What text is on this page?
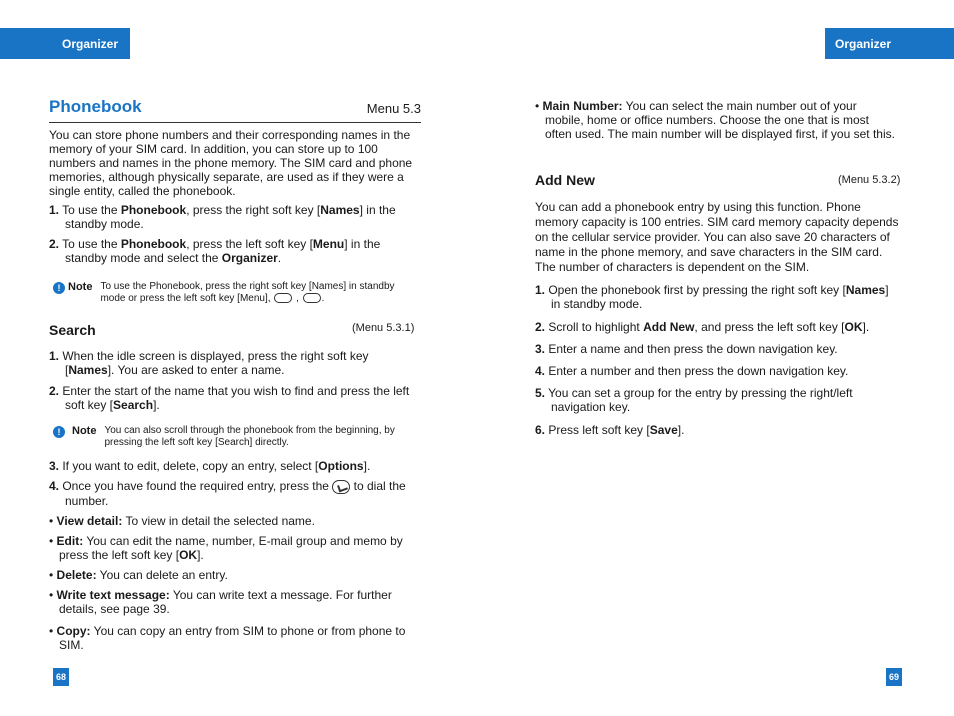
Organizer	Organizer
Phonebook	Menu 5.3

You can store phone numbers and their corresponding names in the memory of your SIM card. In addition, you can store up to 100 numbers and names in the phone memory. The SIM card and phone memories, although physically separate, are used as if they were a single entity, called the phonebook.

1. To use the Phonebook, press the right soft key [Names] in the standby mode.

2. To use the Phonebook, press the left soft key [Menu] in the standby mode and select the Organizer.

! Note To use the Phonebook, press the right soft key [Names] in standby mode or press the left soft key [Menu],  , .
Search	(Menu 5.3.1)

1. When the idle screen is displayed, press the right soft key [Names]. You are asked to enter a name.

2. Enter the start of the name that you wish to find and press the left soft key [Search].

!	Note You can also scroll through the phonebook from the beginning, by pressing the left soft key [Search] directly.

3. If you want to edit, delete, copy an entry, select [Options].

4. Once you have found the required entry, press the  to dial the number.

• View detail: To view in detail the selected name.

• Edit: You can edit the name, number, E-mail group and memo by press the left soft key [OK].

• Delete: You can delete an entry.

• Write text message: You can write text a message. For further details, see page 39.

• Copy: You can copy an entry from SIM to phone or from phone to SIM.

68

• Main Number: You can select the main number out of your mobile, home or office numbers. Choose the one that is most often used. The main number will be displayed first, if you set this.

Add New	(Menu 5.3.2)

You can add a phonebook entry by using this function. Phone memory capacity is 100 entries. SIM card memory capacity depends on the cellular service provider. You can also save 20 characters of name in the phone memory, and save characters in the SIM card. The number of characters is dependent on the SIM.

1. Open the phonebook first by pressing the right soft key [Names] in standby mode.

2. Scroll to highlight Add New, and press the left soft key [OK].

3. Enter a name and then press the down navigation key.

4. Enter a number and then press the down navigation key.

5. You can set a group for the entry by pressing the right/left navigation key.

6. Press left soft key [Save].

69
